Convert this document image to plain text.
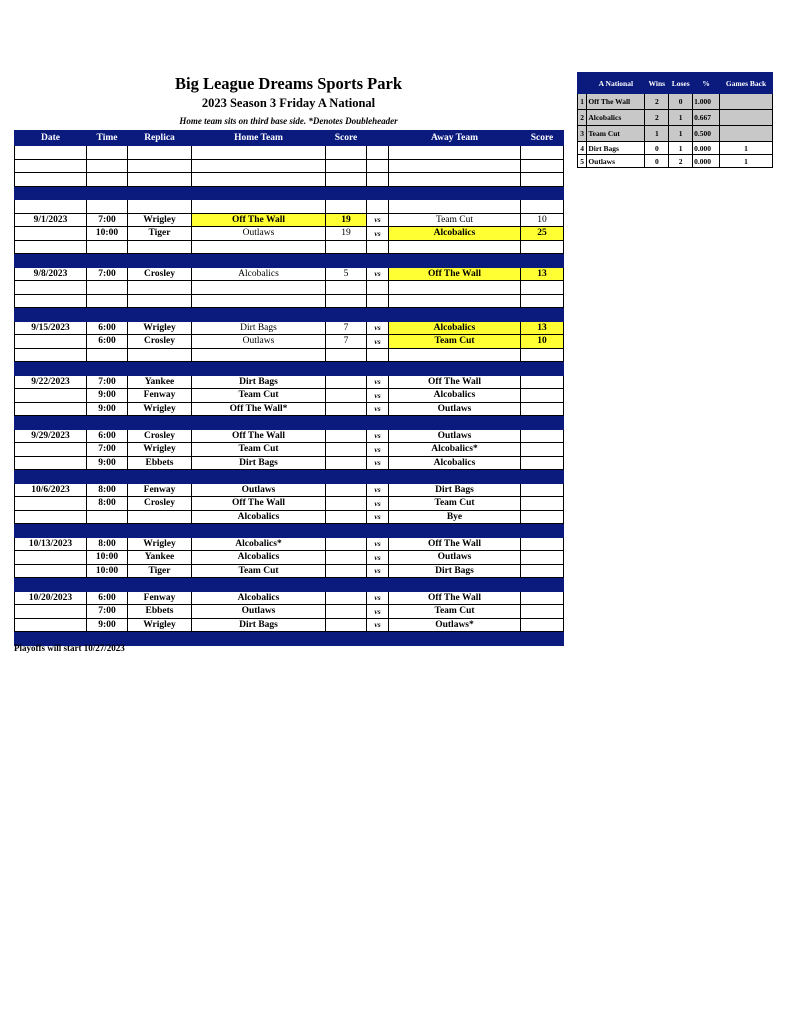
Big League Dreams Sports Park
2023 Season 3 Friday A National
Home team sits on third base side. *Denotes Doubleheader
Date	Time	Replica	Home Team	Score		Away Team	Score

9/1/2023	7:00	Wrigley	Off The Wall	19	vs	Team Cut	10
	10:00	Tiger	Outlaws	19	vs	Alcobalics	25

9/8/2023	7:00	Crosley	Alcobalics	5	vs	Off The Wall	13

9/15/2023	6:00	Wrigley	Dirt Bags	7	vs	Alcobalics	13
	6:00	Crosley	Outlaws	7	vs	Team Cut	10

9/22/2023	7:00	Yankee	Dirt Bags		vs	Off The Wall	
	9:00	Fenway	Team Cut		vs	Alcobalics	
	9:00	Wrigley	Off The Wall*		vs	Outlaws	

9/29/2023	6:00	Crosley	Off The Wall		vs	Outlaws	
	7:00	Wrigley	Team Cut		vs	Alcobalics*	
	9:00	Ebbets	Dirt Bags		vs	Alcobalics	

10/6/2023	8:00	Fenway	Outlaws		vs	Dirt Bags	
	8:00	Crosley	Off The Wall		vs	Team Cut	
			Alcobalics		vs	Bye	

10/13/2023	8:00	Wrigley	Alcobalics*		vs	Off The Wall	
	10:00	Yankee	Alcobalics		vs	Outlaws	
	10:00	Tiger	Team Cut		vs	Dirt Bags	

10/20/2023	6:00	Fenway	Alcobalics		vs	Off The Wall	
	7:00	Ebbets	Outlaws		vs	Team Cut	
	9:00	Wrigley	Dirt Bags		vs	Outlaws*	

Playoffs will start 10/27/2023
	A National	Wins	Loses	%	Games Back
1	Off The Wall	2	0	1.000	
2	Alcobalics	2	1	0.667	
3	Team Cut	1	1	0.500	
4	Dirt Bags	0	1	0.000	1
5	Outlaws	0	2	0.000	1
